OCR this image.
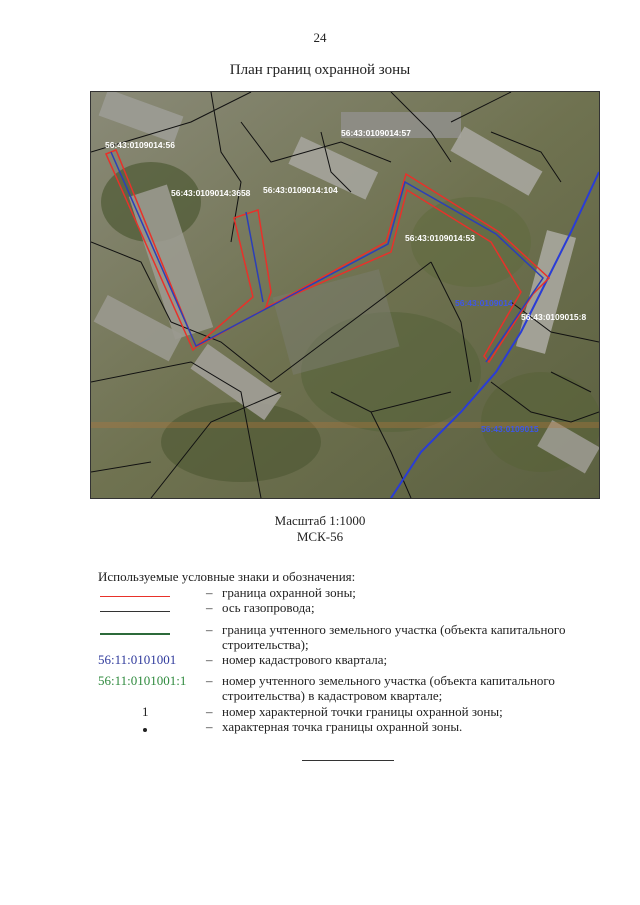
24
План границ охранной зоны
56:43:0109014:56
56:43:0109014:57
56:43:0109014:3658 56:43:0109014:104
56:43:0109014:53
56:43:0109015:8
56:43:0109014
56:43:0109015
Масштаб 1:1000
МСК-56
Используемые условные знаки и обозначения:
– граница охранной зоны;
– ось газопровода;
– граница учтенного земельного участка (объекта капитального строительства);
56:11:0101001	– номер кадастрового квартала;
56:11:0101001:1	– номер учтенного земельного участка (объекта капитального строительства) в кадастровом квартале;
1	– номер характерной точки границы охранной зоны;
– характерная точка границы охранной зоны.
